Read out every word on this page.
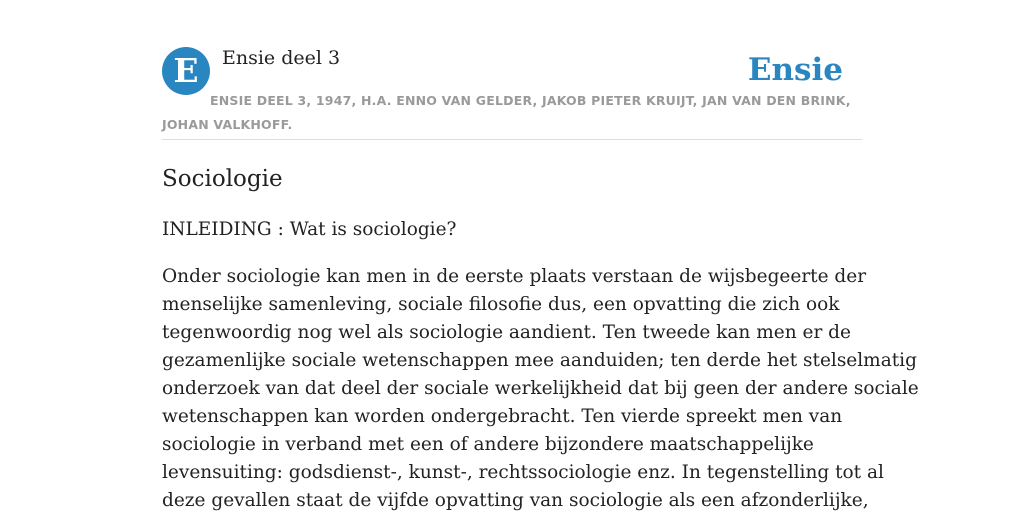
E	Ensie deel 3	Ensie
ENSIE DEEL 3, 1947, H.A. ENNO VAN GELDER, JAKOB PIETER KRUIJT, JAN VAN DEN BRINK, JOHAN VALKHOFF.
Sociologie
INLEIDING : Wat is sociologie?
Onder sociologie kan men in de eerste plaats verstaan de wijsbegeerte der
menselijke samenleving, sociale filosofie dus, een opvatting die zich ook
tegenwoordig nog wel als sociologie aandient. Ten tweede kan men er de
gezamenlijke sociale wetenschappen mee aanduiden; ten derde het stelselmatig
onderzoek van dat deel der sociale werkelijkheid dat bij geen der andere sociale
wetenschappen kan worden ondergebracht. Ten vierde spreekt men van
sociologie in verband met een of andere bijzondere maatschappelijke
levensuiting: godsdienst-, kunst-, rechtssociologie enz. In tegenstelling tot al
deze gevallen staat de vijfde opvatting van sociologie als een afzonderlijke,
